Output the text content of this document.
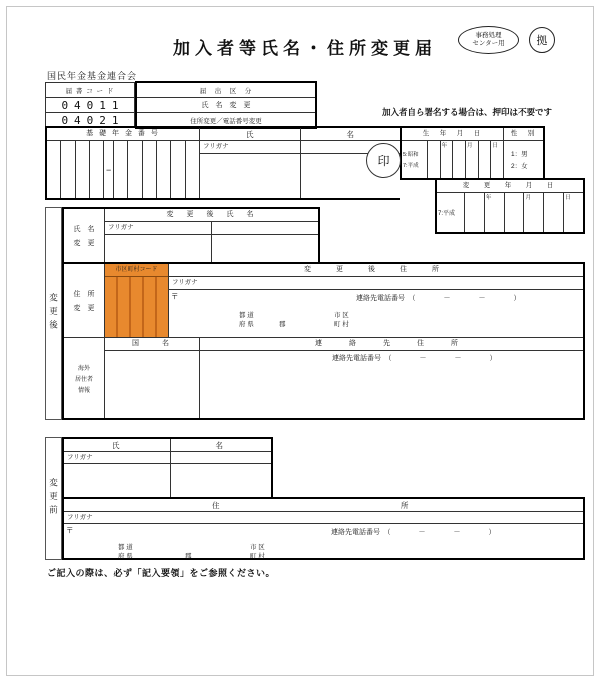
加入者等氏名・住所変更届
事務処理
センター用	拠
国民年金基金連合会
届 書 コ ー ド
04011
04021
届　出　区　分
氏　名　変　更
住所変更／電話番号変更
加入者自ら署名する場合は、押印は不要です
基 礎 年 金 番 号
−
氏	名
フリガナ
印
生　年　月　日
5:昭和
7:平成
年	月	日
性　別
1：男
2：女
変　更　年　月　日
7:平成
年	月	日
変更後
氏　名
変　更
変　更　後　氏　名
フリガナ
住　所
変　更
市区町村コード	変　更　後　住　所
フリガナ
〒	連絡先電話番号　（　　　　－　　　　－　　　　）
都 道
府 県	郡
市 区
町 村
海外
居住者
情報
国　　名	連　絡　先　住　所
連絡先電話番号　（　　　　－　　　　－　　　　）
変更前
氏	名
フリガナ
住	所
フリガナ
〒	連絡先電話番号　（　　　　－　　　　－　　　　）
都 道
府 県	郡
市 区
町 村
ご記入の際は、必ず「記入要領」をご参照ください。
